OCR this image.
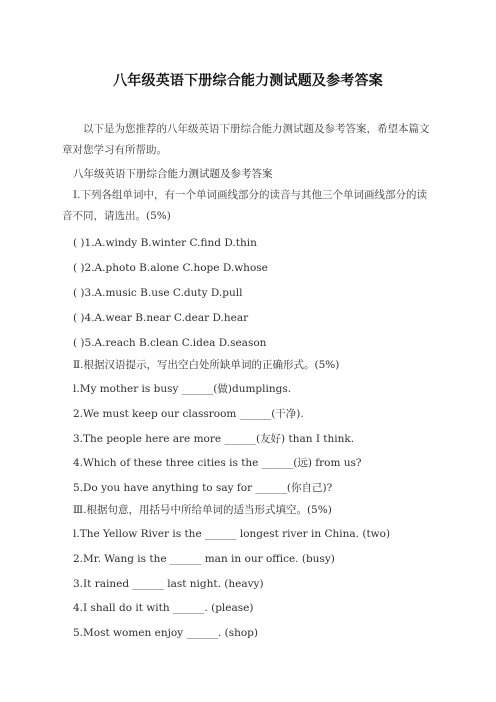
八年级英语下册综合能力测试题及参考答案
以下是为您推荐的八年级英语下册综合能力测试题及参考答案，希望本篇文章对您学习有所帮助。
八年级英语下册综合能力测试题及参考答案
Ⅰ.下列各组单词中，有一个单词画线部分的读音与其他三个单词画线部分的读音不同，请选出。(5%)
( )1.A.windy B.winter C.find D.thin
( )2.A.photo B.alone C.hope D.whose
( )3.A.music B.use C.duty D.pull
( )4.A.wear B.near C.dear D.hear
( )5.A.reach B.clean C.idea D.season
Ⅱ.根据汉语提示，写出空白处所缺单词的正确形式。(5%)
l.My mother is busy ______(做)dumplings.
2.We must keep our classroom ______(干净).
3.The people here are more ______(友好) than I think.
4.Which of these three cities is the ______(远) from us?
5.Do you have anything to say for ______(你自己)?
Ⅲ.根据句意，用括号中所给单词的适当形式填空。(5%)
l.The Yellow River is the ______ longest river in China. (two)
2.Mr. Wang is the ______ man in our office. (busy)
3.It rained ______ last night. (heavy)
4.I shall do it with ______. (please)
5.Most women enjoy ______. (shop)
